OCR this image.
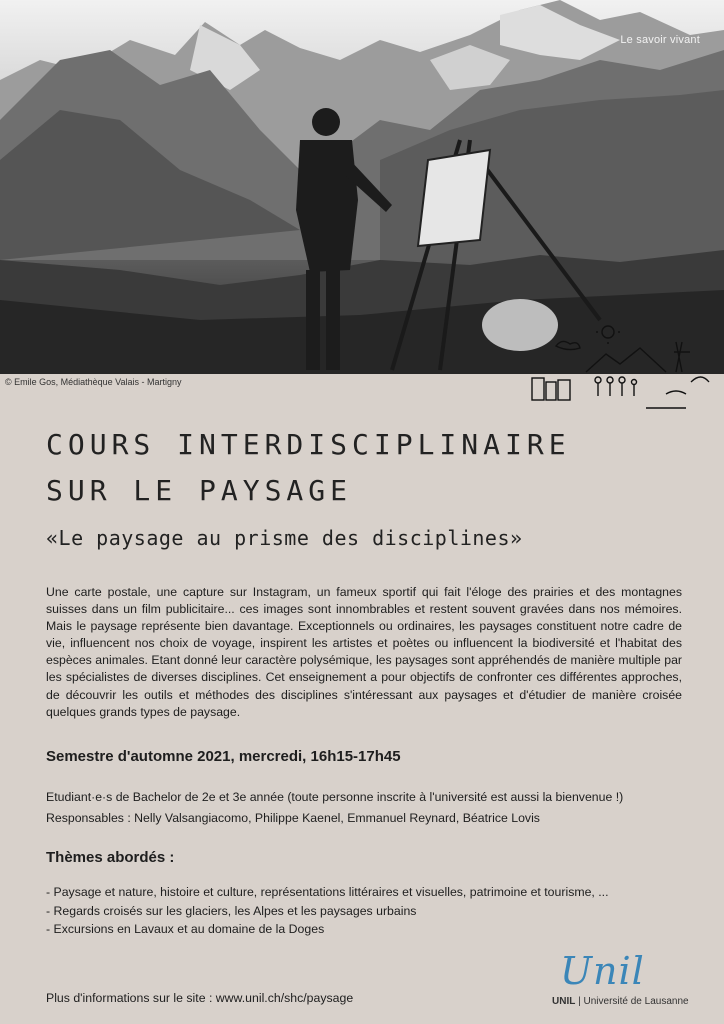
Le savoir vivant
© Emile Gos, Médiathèque Valais - Martigny
COURS INTERDISCIPLINAIRE
SUR LE PAYSAGE

«Le paysage au prisme des disciplines»

Une carte postale, une capture sur Instagram, un fameux sportif qui fait l'éloge des prairies et des montagnes suisses dans un film publicitaire... ces images sont innombrables et restent souvent gravées dans nos mémoires. Mais le paysage représente bien davantage. Exceptionnels ou ordinaires, les paysages constituent notre cadre de vie, influencent nos choix de voyage, inspirent les artistes et poètes ou influencent la biodiversité et l'habitat des espèces animales. Etant donné leur caractère polysémique, les paysages sont appréhendés de manière multiple par les spécialistes de diverses disciplines. Cet enseignement a pour objectifs de confronter ces différentes approches, de découvrir les outils et méthodes des disciplines s'intéressant aux paysages et d'étudier de manière croisée quelques grands types de paysage.

Semestre d'automne 2021, mercredi, 16h15-17h45

Etudiant·e·s de Bachelor de 2e et 3e année (toute personne inscrite à l'université est aussi la bienvenue !)

Responsables : Nelly Valsangiacomo, Philippe Kaenel, Emmanuel Reynard, Béatrice Lovis

Thèmes abordés :

- Paysage et nature, histoire et culture, représentations littéraires et visuelles, patrimoine et tourisme, ...
- Regards croisés sur les glaciers, les Alpes et les paysages urbains
- Excursions en Lavaux et au domaine de la Doges

Plus d'informations sur le site : www.unil.ch/shc/paysage

Unil
UNIL | Université de Lausanne
